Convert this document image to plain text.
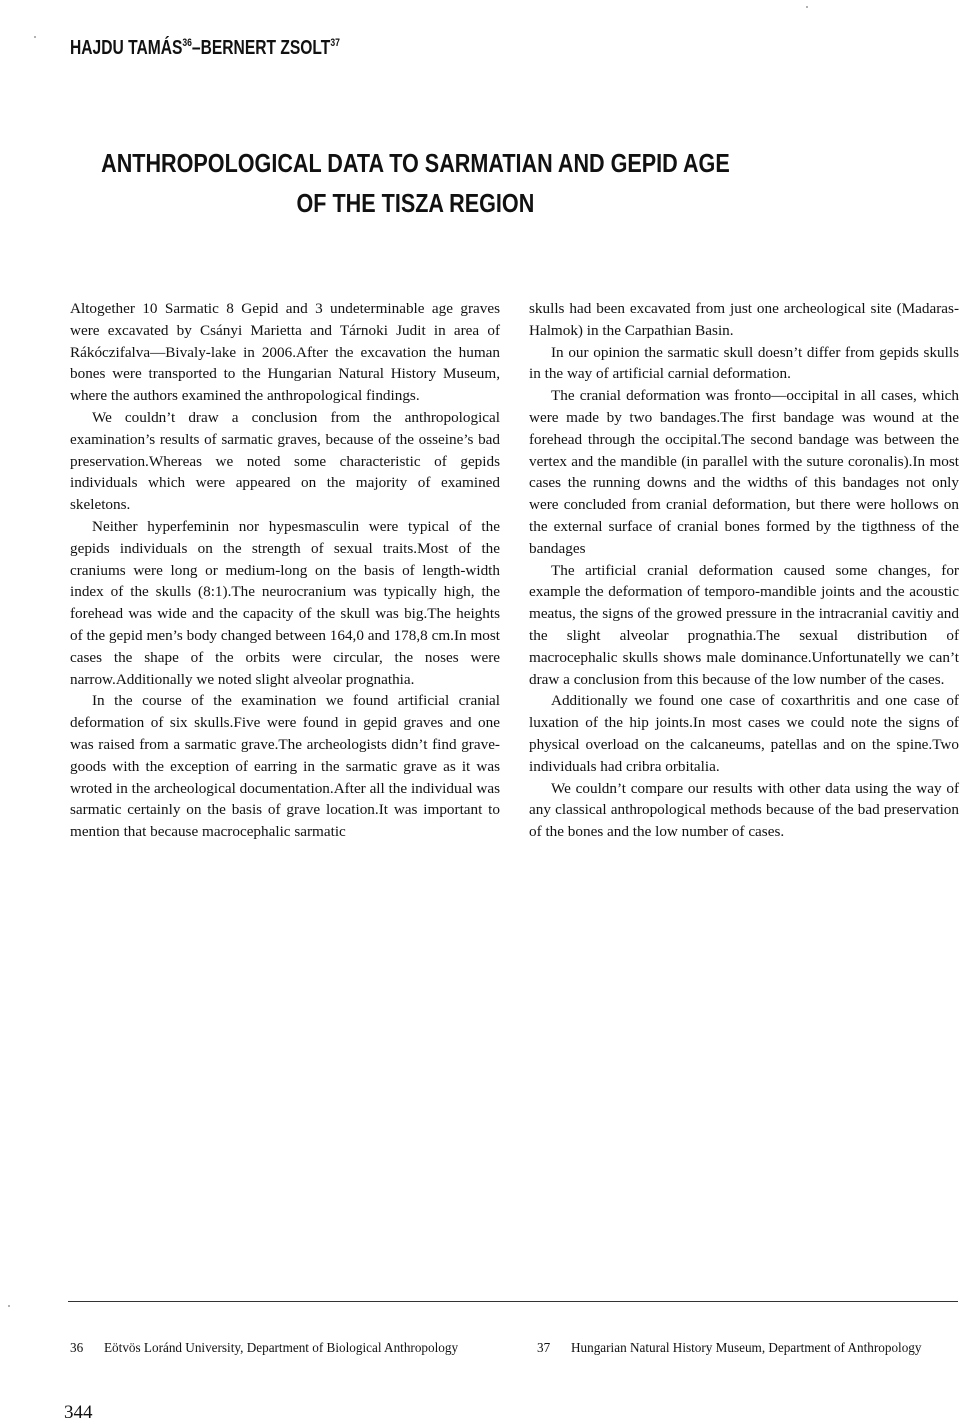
HAJDU TAMÁS$^{36}$–BERNERT ZSOLT$^{37}$
ANTHROPOLOGICAL DATA TO SARMATIAN AND GEPID AGE
OF THE TISZA REGION

Altogether 10 Sarmatic 8 Gepid and 3 undeterminable age graves were excavated by Csányi Marietta and Tárnoki Judit in area of Rákóczifalva—Bivaly-lake in 2006.After the excavation the human bones were transported to the Hungarian Natural History Museum, where the authors examined the anthropological findings.

We couldn’t draw a conclusion from the anthropological examination’s results of sarmatic graves, because of the osseine’s bad preservation.Whereas we noted some characteristic of gepids individuals which were appeared on the majority of examined skeletons.

Neither hyperfeminin nor hypesmasculin were typical of the gepids individuals on the strength of sexual traits.Most of the craniums were long or medium-long on the basis of length-width index of the skulls (8:1).The neurocranium was typically high, the forehead was wide and the capacity of the skull was big.The heights of the gepid men’s body changed between 164,0 and 178,8 cm.In most cases the shape of the orbits were circular, the noses were narrow.Additionally we noted slight alveolar prognathia.

In the course of the examination we found artificial cranial deformation of six skulls.Five were found in gepid graves and one was raised from a sarmatic grave.The archeologists didn’t find grave-goods with the exception of earring in the sarmatic grave as it was wroted in the archeological documentation.After all the individual was sarmatic certainly on the basis of grave location.It was important to mention that because macrocephalic sarmatic

skulls had been excavated from just one archeological site (Madaras-Halmok) in the Carpathian Basin.

In our opinion the sarmatic skull doesn’t differ from gepids skulls in the way of artificial carnial deformation.

The cranial deformation was fronto—occipital in all cases, which were made by two bandages.The first bandage was wound at the forehead through the occipital.The second bandage was between the vertex and the mandible (in parallel with the suture coronalis).In most cases the running downs and the widths of this bandages not only were concluded from cranial deformation, but there were hollows on the external surface of cranial bones formed by the tigthness of the bandages

The artificial cranial deformation caused some changes, for example the deformation of temporo-mandible joints and the acoustic meatus, the signs of the growed pressure in the intracranial cavitiy and the slight alveolar prognathia.The sexual distribution of macrocephalic skulls shows male dominance.Unfortunatelly we can’t draw a conclusion from this because of the low number of the cases.

Additionally we found one case of coxarthritis and one case of luxation of the hip joints.In most cases we could note the signs of physical overload on the calcaneums, patellas and on the spine.Two individuals had cribra orbitalia.

We couldn’t compare our results with other data using the way of any classical anthropological methods because of the bad preservation of the bones and the low number of cases.

36 Eötvös Loránd University, Department of Biological Anthropology	37 Hungarian Natural History Museum, Department of Anthropology
344
